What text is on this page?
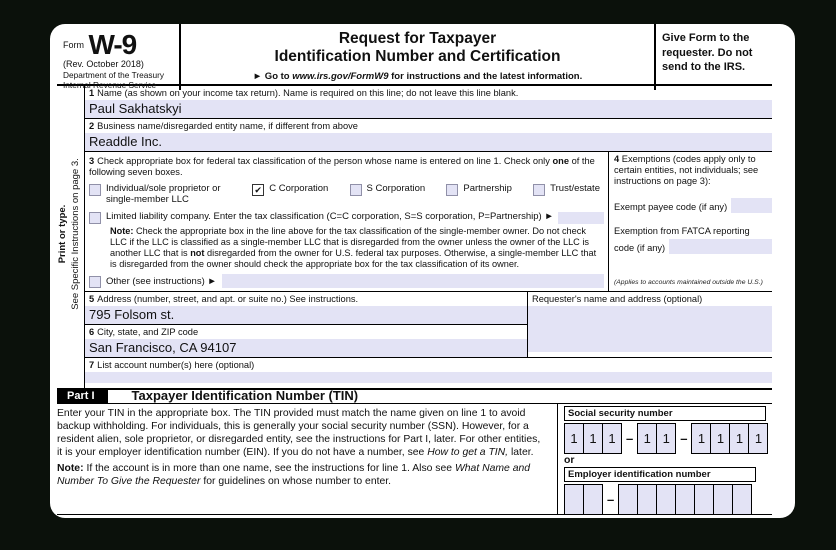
$^{Form}$ W-9
(Rev. October 2018)
Department of the Treasury
Internal Revenue Service
Request for Taxpayer
Identification Number and Certification
► Go to www.irs.gov/FormW9 for instructions and the latest information.
Give Form to the requester. Do not send to the IRS.
Print or type. See Specific Instructions on page 3.
1 Name (as shown on your income tax return). Name is required on this line; do not leave this line blank.
Paul Sakhatskyi
2 Business name/disregarded entity name, if different from above
Readdle Inc.
3 Check appropriate box for federal tax classification of the person whose name is entered on line 1. Check only one of the following seven boxes.
Individual/sole proprietor or single-member LLC
✔ C Corporation	S Corporation	Partnership	Trust/estate
Limited liability company. Enter the tax classification (C=C corporation, S=S corporation, P=Partnership) ►
Note: Check the appropriate box in the line above for the tax classification of the single-member owner. Do not check LLC if the LLC is classified as a single-member LLC that is disregarded from the owner unless the owner of the LLC is another LLC that is not disregarded from the owner for U.S. federal tax purposes. Otherwise, a single-member LLC that is disregarded from the owner should check the appropriate box for the tax classification of its owner.
Other (see instructions) ►
4 Exemptions (codes apply only to certain entities, not individuals; see instructions on page 3):
Exempt payee code (if any)
Exemption from FATCA reporting
code (if any)
(Applies to accounts maintained outside the U.S.)
5 Address (number, street, and apt. or suite no.) See instructions.
795 Folsom st.
6 City, state, and ZIP code
San Francisco, CA 94107
Requester's name and address (optional)
7 List account number(s) here (optional)
Part I	Taxpayer Identification Number (TIN)
Enter your TIN in the appropriate box. The TIN provided must match the name given on line 1 to avoid backup withholding. For individuals, this is generally your social security number (SSN). However, for a resident alien, sole proprietor, or disregarded entity, see the instructions for Part I, later. For other entities, it is your employer identification number (EIN). If you do not have a number, see How to get a TIN, later.
Note: If the account is in more than one name, see the instructions for line 1. Also see What Name and Number To Give the Requester for guidelines on whose number to enter.
Social security number
1 1 1 – 1 1 – 1 1 1 1
or
Employer identification number
–
